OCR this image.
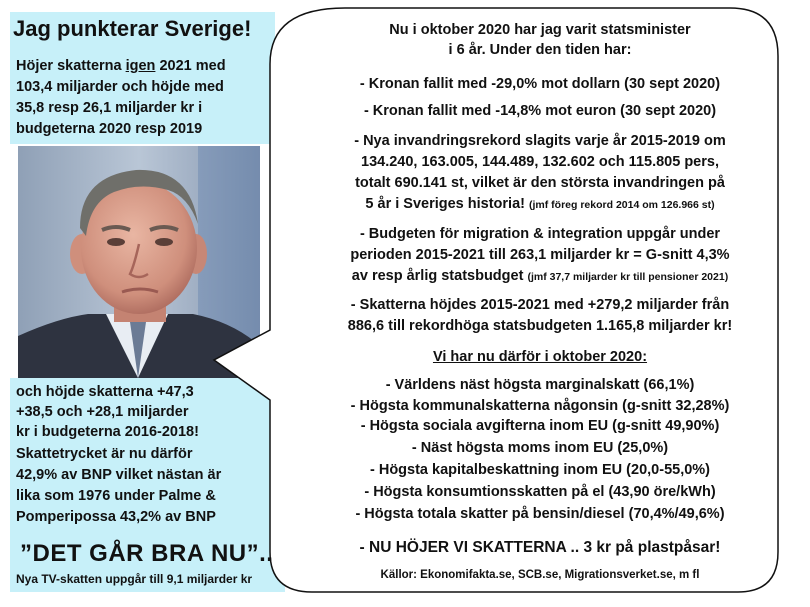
Jag punkterar Sverige!
Höjer skatterna igen 2021 med
103,4 miljarder och höjde med
35,8 resp 26,1 miljarder kr i
budgeterna 2020 resp 2019
och höjde skatterna +47,3
+38,5 och +28,1 miljarder
kr i budgeterna 2016-2018!
Skattetrycket är nu därför
42,9% av BNP vilket nästan är
lika som 1976 under Palme &
Pomperipossa 43,2% av BNP
”DET GÅR BRA NU”..
Nya TV-skatten uppgår till 9,1 miljarder kr
Nu i oktober 2020 har jag varit statsminister
i 6 år. Under den tiden har:
- Kronan fallit med -29,0% mot dollarn (30 sept 2020)
- Kronan fallit med -14,8% mot euron (30 sept 2020)
- Nya invandringsrekord slagits varje år 2015-2019 om
134.240, 163.005, 144.489, 132.602 och 115.805 pers,
totalt 690.141 st, vilket är den största invandringen på
5 år i Sveriges historia! (jmf föreg rekord 2014 om 126.966 st)
- Budgeten för migration & integration uppgår under
perioden 2015-2021 till 263,1 miljarder kr = G-snitt 4,3%
av resp årlig statsbudget (jmf 37,7 miljarder kr till pensioner 2021)
- Skatterna höjdes 2015-2021 med +279,2 miljarder från
886,6 till rekordhöga statsbudgeten 1.165,8 miljarder kr!
Vi har nu därför i oktober 2020:
- Världens näst högsta marginalskatt (66,1%)
- Högsta kommunalskatterna någonsin (g-snitt 32,28%)
- Högsta sociala avgifterna inom EU (g-snitt 49,90%)
- Näst högsta moms inom EU (25,0%)
- Högsta kapitalbeskattning inom EU (20,0-55,0%)
- Högsta konsumtionsskatten på el (43,90 öre/kWh)
- Högsta totala skatter på bensin/diesel (70,4%/49,6%)
- NU HÖJER VI SKATTERNA .. 3 kr på plastpåsar!
Källor: Ekonomifakta.se, SCB.se, Migrationsverket.se, m fl
